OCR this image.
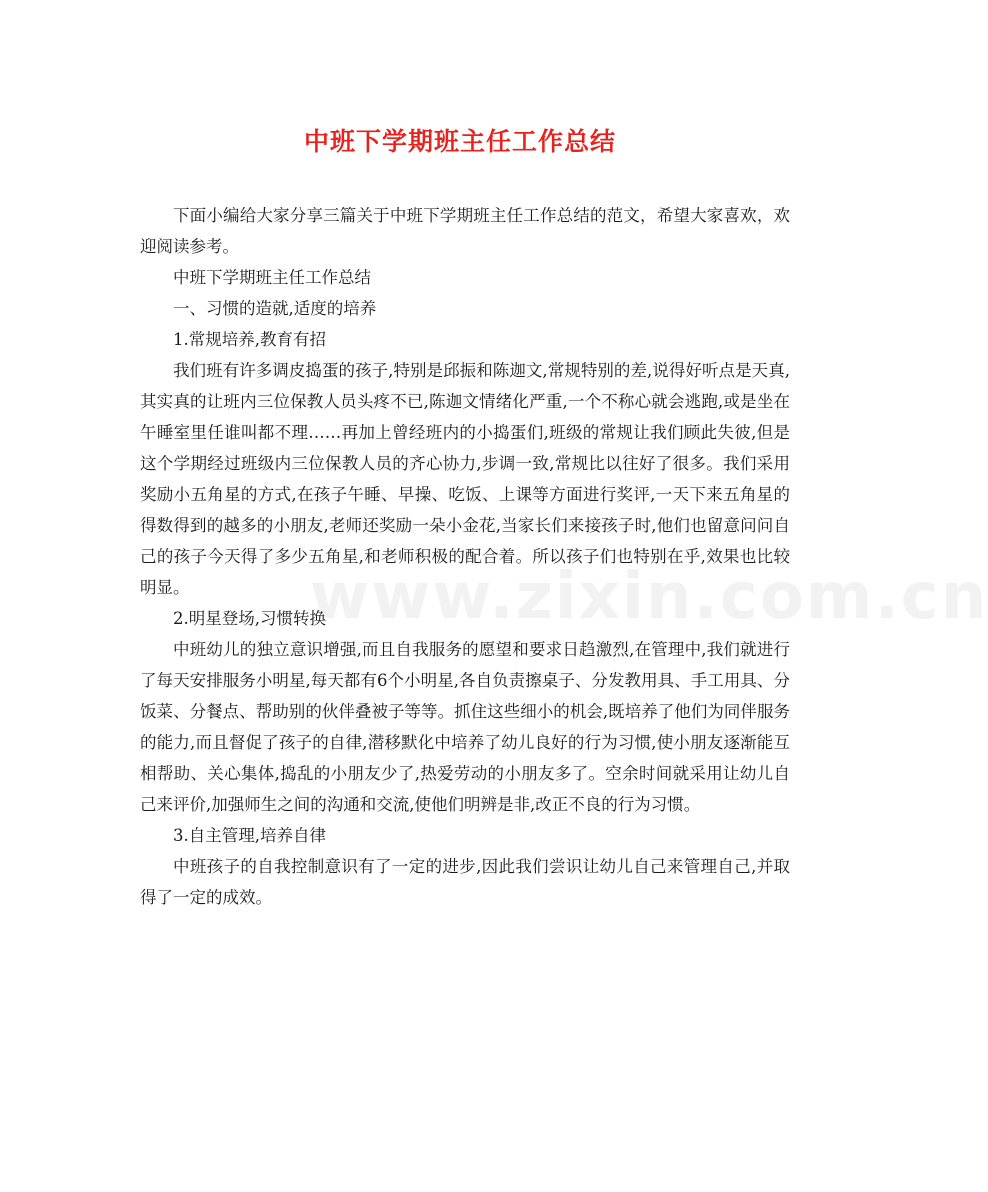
www.zixin.com.cn
中班下学期班主任工作总结

下面小编给大家分享三篇关于中班下学期班主任工作总结的范文，希望大家喜欢，欢迎阅读参考。

中班下学期班主任工作总结

一、习惯的造就,适度的培养

1.常规培养,教育有招

我们班有许多调皮捣蛋的孩子,特别是邱振和陈迦文,常规特别的差,说得好听点是天真,其实真的让班内三位保教人员头疼不已,陈迦文情绪化严重,一个不称心就会逃跑,或是坐在午睡室里任谁叫都不理……再加上曾经班内的小捣蛋们,班级的常规让我们顾此失彼,但是这个学期经过班级内三位保教人员的齐心协力,步调一致,常规比以往好了很多。我们采用奖励小五角星的方式,在孩子午睡、早操、吃饭、上课等方面进行奖评,一天下来五角星的得数得到的越多的小朋友,老师还奖励一朵小金花,当家长们来接孩子时,他们也留意问问自己的孩子今天得了多少五角星,和老师积极的配合着。所以孩子们也特别在乎,效果也比较明显。

2.明星登场,习惯转换

中班幼儿的独立意识增强,而且自我服务的愿望和要求日趋激烈,在管理中,我们就进行了每天安排服务小明星,每天都有6个小明星,各自负责擦桌子、分发教用具、手工用具、分饭菜、分餐点、帮助别的伙伴叠被子等等。抓住这些细小的机会,既培养了他们为同伴服务的能力,而且督促了孩子的自律,潜移默化中培养了幼儿良好的行为习惯,使小朋友逐渐能互相帮助、关心集体,捣乱的小朋友少了,热爱劳动的小朋友多了。空余时间就采用让幼儿自己来评价,加强师生之间的沟通和交流,使他们明辨是非,改正不良的行为习惯。

3.自主管理,培养自律

中班孩子的自我控制意识有了一定的进步,因此我们尝识让幼儿自己来管理自己,并取得了一定的成效。
